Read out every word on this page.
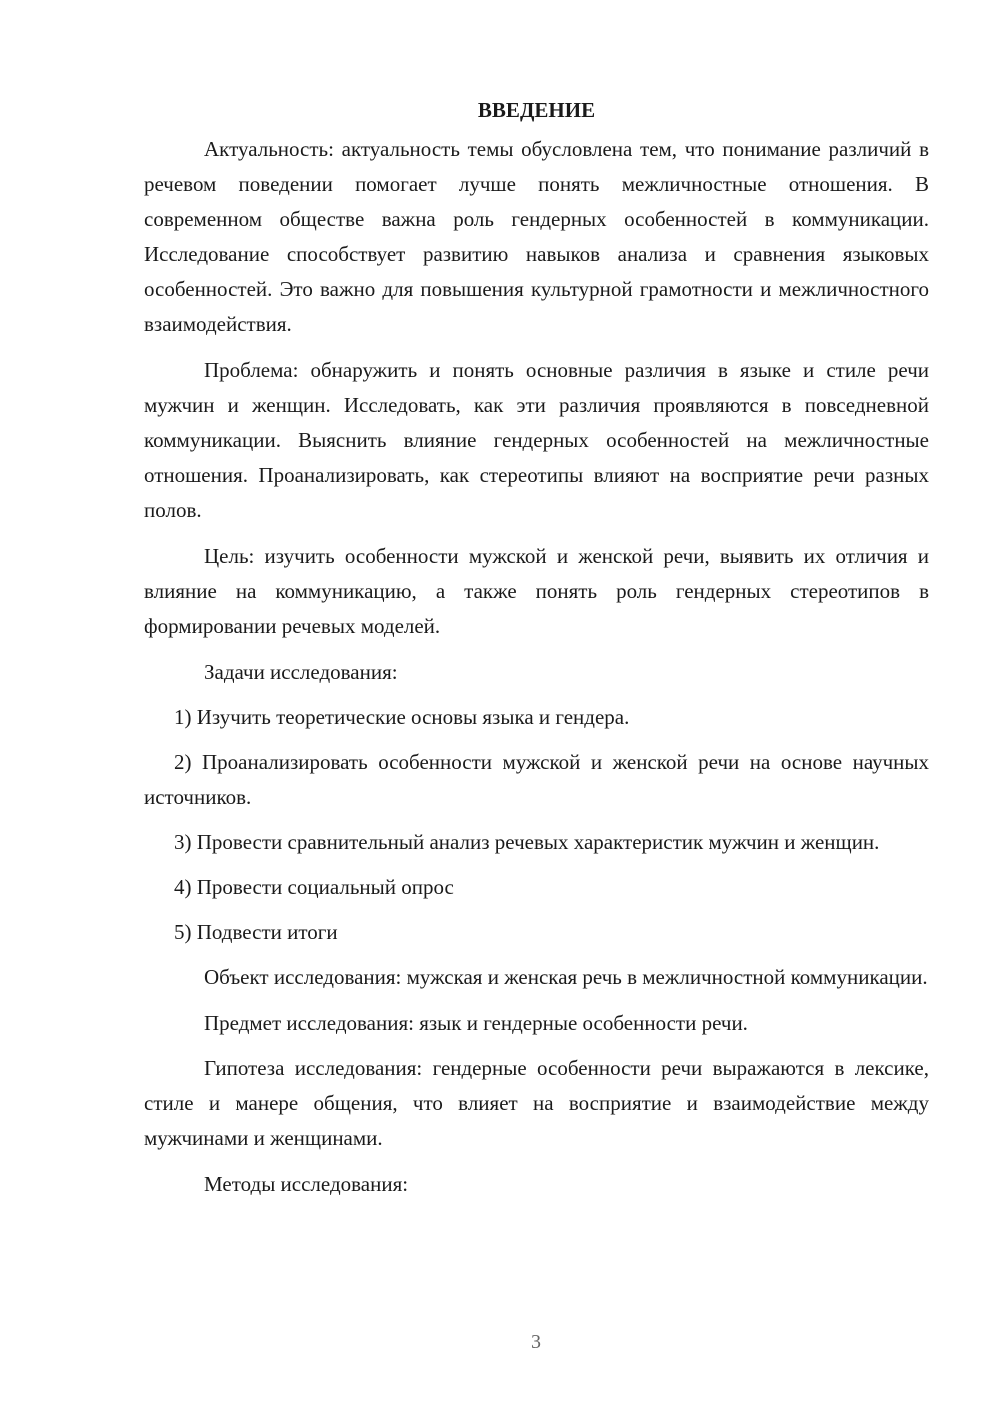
ВВЕДЕНИЕ

Актуальность: актуальность темы обусловлена тем, что понимание различий в речевом поведении помогает лучше понять межличностные отношения. В современном обществе важна роль гендерных особенностей в коммуникации. Исследование способствует развитию навыков анализа и сравнения языковых особенностей. Это важно для повышения культурной грамотности и межличностного взаимодействия.

Проблема: обнаружить и понять основные различия в языке и стиле речи мужчин и женщин. Исследовать, как эти различия проявляются в повседневной коммуникации. Выяснить влияние гендерных особенностей на межличностные отношения. Проанализировать, как стереотипы влияют на восприятие речи разных полов.

Цель: изучить особенности мужской и женской речи, выявить их отличия и влияние на коммуникацию, а также понять роль гендерных стереотипов в формировании речевых моделей.

Задачи исследования:

1) Изучить теоретические основы языка и гендера.

2) Проанализировать особенности мужской и женской речи на основе научных источников.

3) Провести сравнительный анализ речевых характеристик мужчин и женщин.

4) Провести социальный опрос

5) Подвести итоги

Объект исследования: мужская и женская речь в межличностной коммуникации.

Предмет исследования: язык и гендерные особенности речи.

Гипотеза исследования: гендерные особенности речи выражаются в лексике, стиле и манере общения, что влияет на восприятие и взаимодействие между мужчинами и женщинами.

Методы исследования:

3
